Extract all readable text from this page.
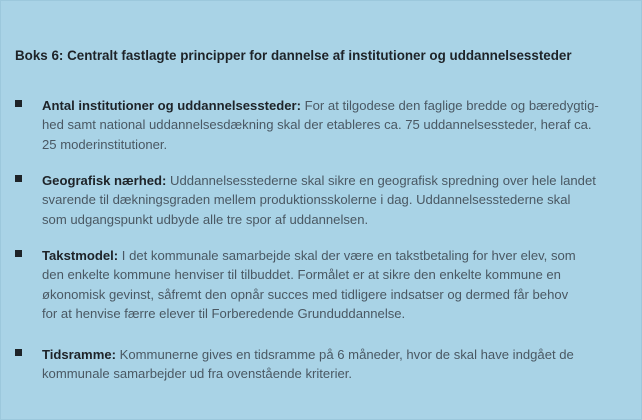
Boks 6: Centralt fastlagte principper for dannelse af institutioner og uddannelsessteder
Antal institutioner og uddannelsessteder: For at tilgodese den faglige bredde og bæredygtig-
hed samt national uddannelsesdækning skal der etableres ca. 75 uddannelsessteder, heraf ca.
25 moderinstitutioner.
Geografisk nærhed: Uddannelsesstederne skal sikre en geografisk spredning over hele landet
svarende til dækningsgraden mellem produktionsskolerne i dag. Uddannelsesstederne skal
som udgangspunkt udbyde alle tre spor af uddannelsen.
Takstmodel: I det kommunale samarbejde skal der være en takstbetaling for hver elev, som
den enkelte kommune henviser til tilbuddet. Formålet er at sikre den enkelte kommune en
økonomisk gevinst, såfremt den opnår succes med tidligere indsatser og dermed får behov
for at henvise færre elever til Forberedende Grunduddannelse.
Tidsramme: Kommunerne gives en tidsramme på 6 måneder, hvor de skal have indgået de
kommunale samarbejder ud fra ovenstående kriterier.
